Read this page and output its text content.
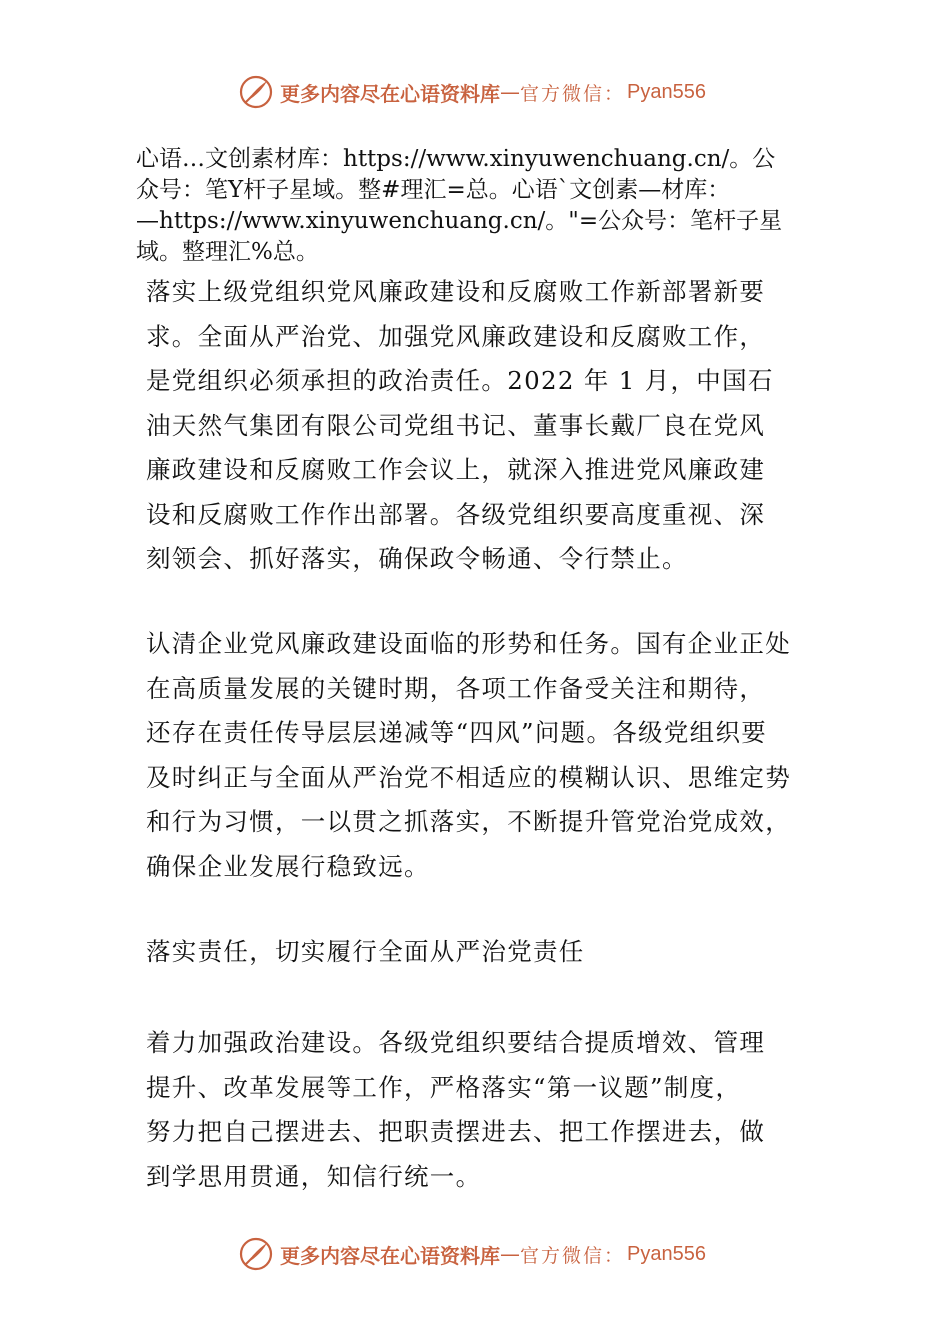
更多内容尽在心语资料库 — 官方微信： Pyan556
心语…文创素材库：https://www.xinyuwenchuang.cn/。公
众号：笔Y杆子星域。整#理汇=总。心语`文创素—材库：
—https://www.xinyuwenchuang.cn/。"=公众号：笔杆子星
域。整理汇%总。

落实上级党组织党风廉政建设和反腐败工作新部署新要
求。全面从严治党、加强党风廉政建设和反腐败工作，
是党组织必须承担的政治责任。2022 年 1 月，中国石
油天然气集团有限公司党组书记、董事长戴⼚良在党风
廉政建设和反腐败工作会议上，就深入推进党风廉政建
设和反腐败工作作出部署。各级党组织要高度重视、深
刻领会、抓好落实，确保政令畅通、令行禁止。

认清企业党风廉政建设面临的形势和任务。国有企业正处
在高质量发展的关键时期，各项工作备受关注和期待，
还存在责任传导层层递减等“四风”问题。各级党组织要
及时纠正与全面从严治党不相适应的模糊认识、思维定势
和行为习惯，一以贯之抓落实，不断提升管党治党成效，
确保企业发展行稳致远。

落实责任，切实履行全面从严治党责任

着力加强政治建设。各级党组织要结合提质增效、管理
提升、改革发展等工作，严格落实“第一议题”制度，
努力把自己摆进去、把职责摆进去、把工作摆进去，做
到学思用贯通，知信行统一。

更多内容尽在心语资料库 — 官方微信： Pyan556
